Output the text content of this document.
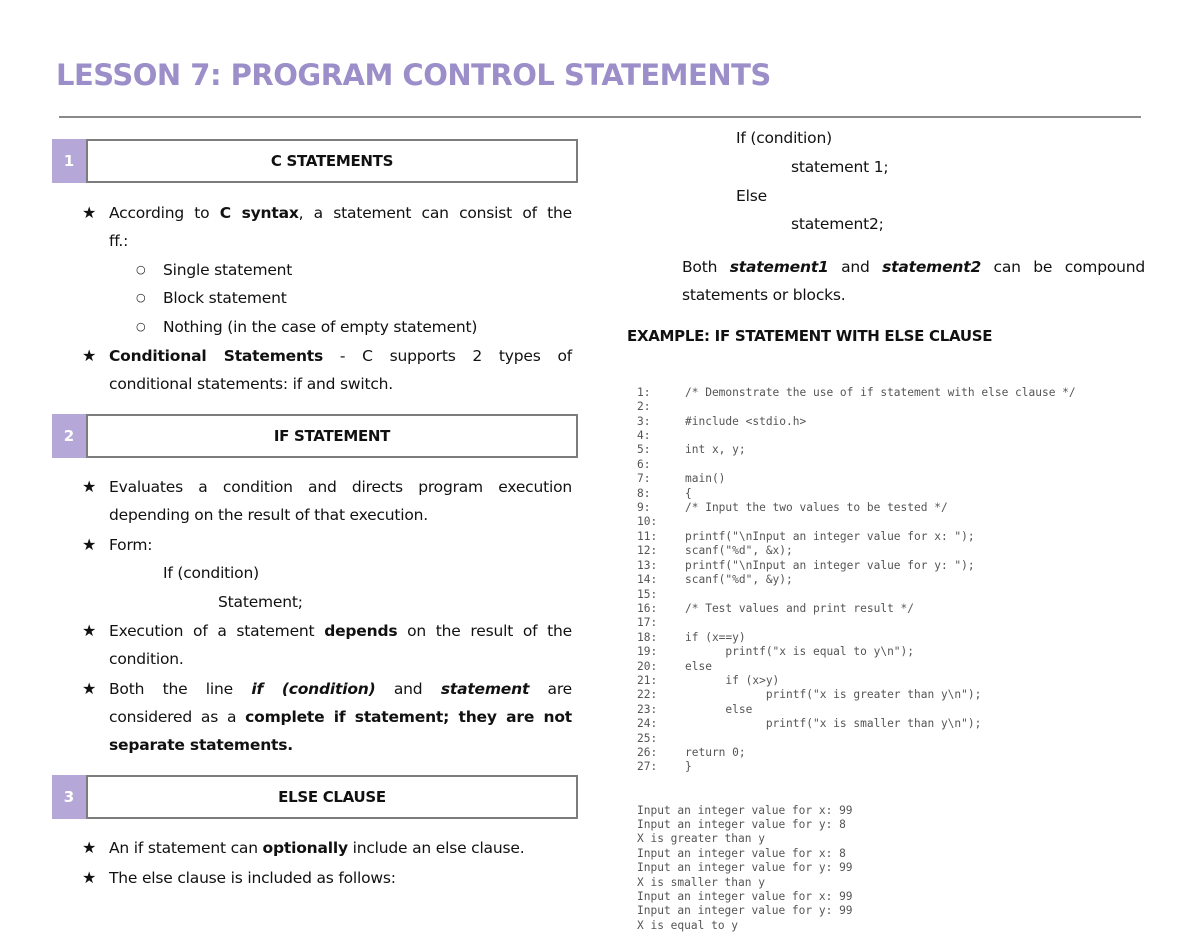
LESSON 7: PROGRAM CONTROL STATEMENTS
1	C STATEMENTS
★ According to C syntax, a statement can consist of the
ff.:
○ Single statement
○ Block statement
○ Nothing (in the case of empty statement)
★ Conditional Statements - C supports 2 types of
conditional statements: if and switch.
2	IF STATEMENT
★ Evaluates a condition and directs program execution
depending on the result of that execution.
★ Form:
If (condition)
Statement;
★ Execution of a statement depends on the result of the
condition.
★ Both the line if (condition) and statement are
considered as a complete if statement; they are not
separate statements.
3	ELSE CLAUSE
★ An if statement can optionally include an else clause.
★ The else clause is included as follows:
If (condition)
statement 1;
Else
statement2;
Both statement1 and statement2 can be compound
statements or blocks.
EXAMPLE: IF STATEMENT WITH ELSE CLAUSE

1:	/* Demonstrate the use of if statement with else clause */
2:
3:	#include <stdio.h>
4:
5:	int x, y;
6:
7:	main()
8:	{
9:	/* Input the two values to be tested */
10:
11: printf("\nInput an integer value for x: ");
12: scanf("%d", &x);
13: printf("\nInput an integer value for y: ");
14: scanf("%d", &y);
15:
16: /* Test values and print result */
17:
18: if (x==y)
19:      printf("x is equal to y\n");
20: else
21:      if (x>y)
22:            printf("x is greater than y\n");
23:      else
24:            printf("x is smaller than y\n");
25:
26: return 0;
27: }

Input an integer value for x: 99
Input an integer value for y: 8
X is greater than y
Input an integer value for x: 8
Input an integer value for y: 99
X is smaller than y
Input an integer value for x: 99
Input an integer value for y: 99
X is equal to y
